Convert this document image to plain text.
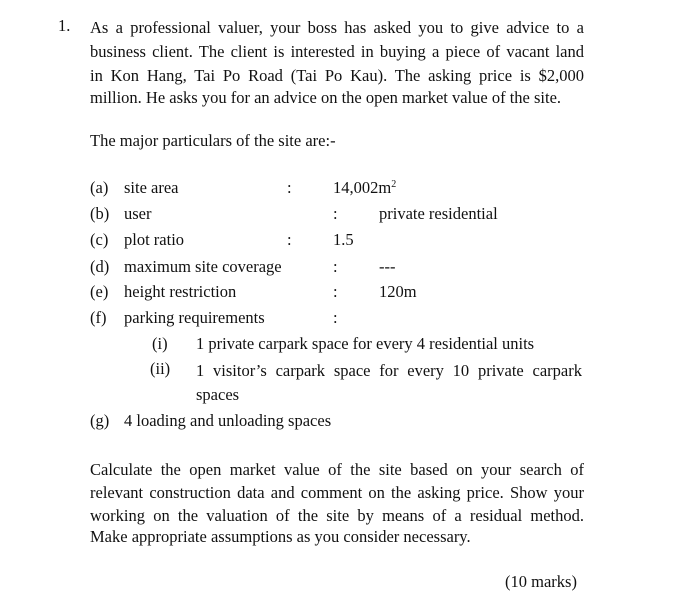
1. As a professional valuer, your boss has asked you to give advice to a
business client. The client is interested in buying a piece of vacant land
in Kon Hang, Tai Po Road (Tai Po Kau). The asking price is $2,000
million. He asks you for an advice on the open market value of the site.
The major particulars of the site are:-
(a) site area	:	$14,002m^2$
(b) user	:	private residential
(c) plot ratio	:	1.5
(d) maximum site coverage	:	---
(e) height restriction	:	120m
(f) parking requirements	:
(i) 1 private carpark space for every 4 residential units
(ii) 1 visitor’s carpark space for every 10 private carpark
spaces
(g) 4 loading and unloading spaces
Calculate the open market value of the site based on your search of
relevant construction data and comment on the asking price. Show your
working on the valuation of the site by means of a residual method.
Make appropriate assumptions as you consider necessary.
(10 marks)
